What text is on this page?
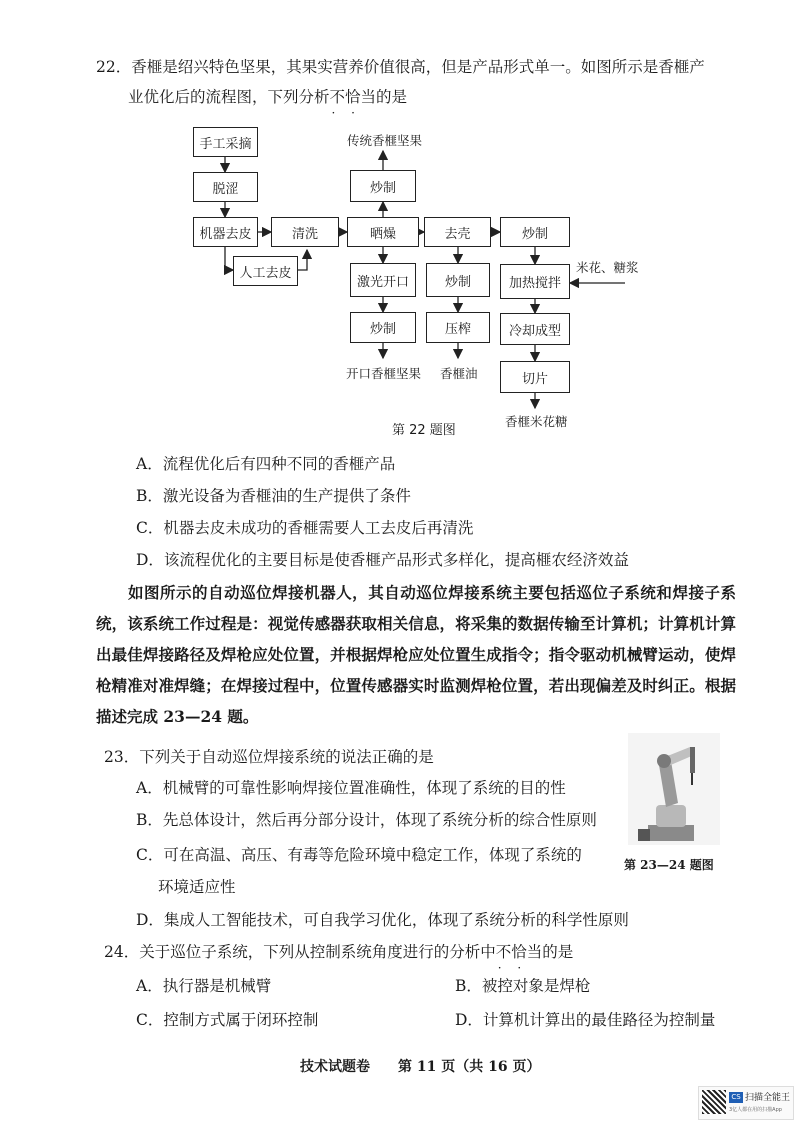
22．香榧是绍兴特色坚果，其果实营养价值很高，但是产品形式单一。如图所示是香榧产
业优化后的流程图，下列分析不恰当 · ·的是
手工采摘
脱涩
机器去皮
人工去皮
清洗	晒燥
炒制
传统香榧坚果
激光开口
炒制
开口香榧坚果
去壳
炒制
压榨
香榧油
炒制
加热搅拌
米花、糖浆
冷却成型
切片
香榧米花糖
第 22 题图
A．流程优化后有四种不同的香榧产品
B．激光设备为香榧油的生产提供了条件
C．机器去皮未成功的香榧需要人工去皮后再清洗
D．该流程优化的主要目标是使香榧产品形式多样化，提高榧农经济效益

如图所示的自动巡位焊接机器人，其自动巡位焊接系统主要包括巡位子系统和焊接子系统，该系统工作过程是：视觉传感器获取相关信息，将采集的数据传输至计算机；计算机计算出最佳焊接路径及焊枪应处位置，并根据焊枪应处位置生成指令；指令驱动机械臂运动，使焊枪精准对准焊缝；在焊接过程中，位置传感器实时监测焊枪位置，若出现偏差及时纠正。根据描述完成 23—24 题。

23．下列关于自动巡位焊接系统的说法正确的是
A．机械臂的可靠性影响焊接位置准确性，体现了系统的目的性
B．先总体设计，然后再分部分设计，体现了系统分析的综合性原则
C．可在高温、高压、有毒等危险环境中稳定工作，体现了系统的
环境适应性
D．集成人工智能技术，可自我学习优化，体现了系统分析的科学性原则
第 23—24 题图
24．关于巡位子系统，下列从控制系统角度进行的分析中不恰当 · ·的是
A．执行器是机械臂	B．被控对象是焊枪
C．控制方式属于闭环控制	D．计算机计算出的最佳路径为控制量
技术试题卷　　第 11 页（共 16 页）
CS 扫描全能王
3亿人都在用的扫描App
